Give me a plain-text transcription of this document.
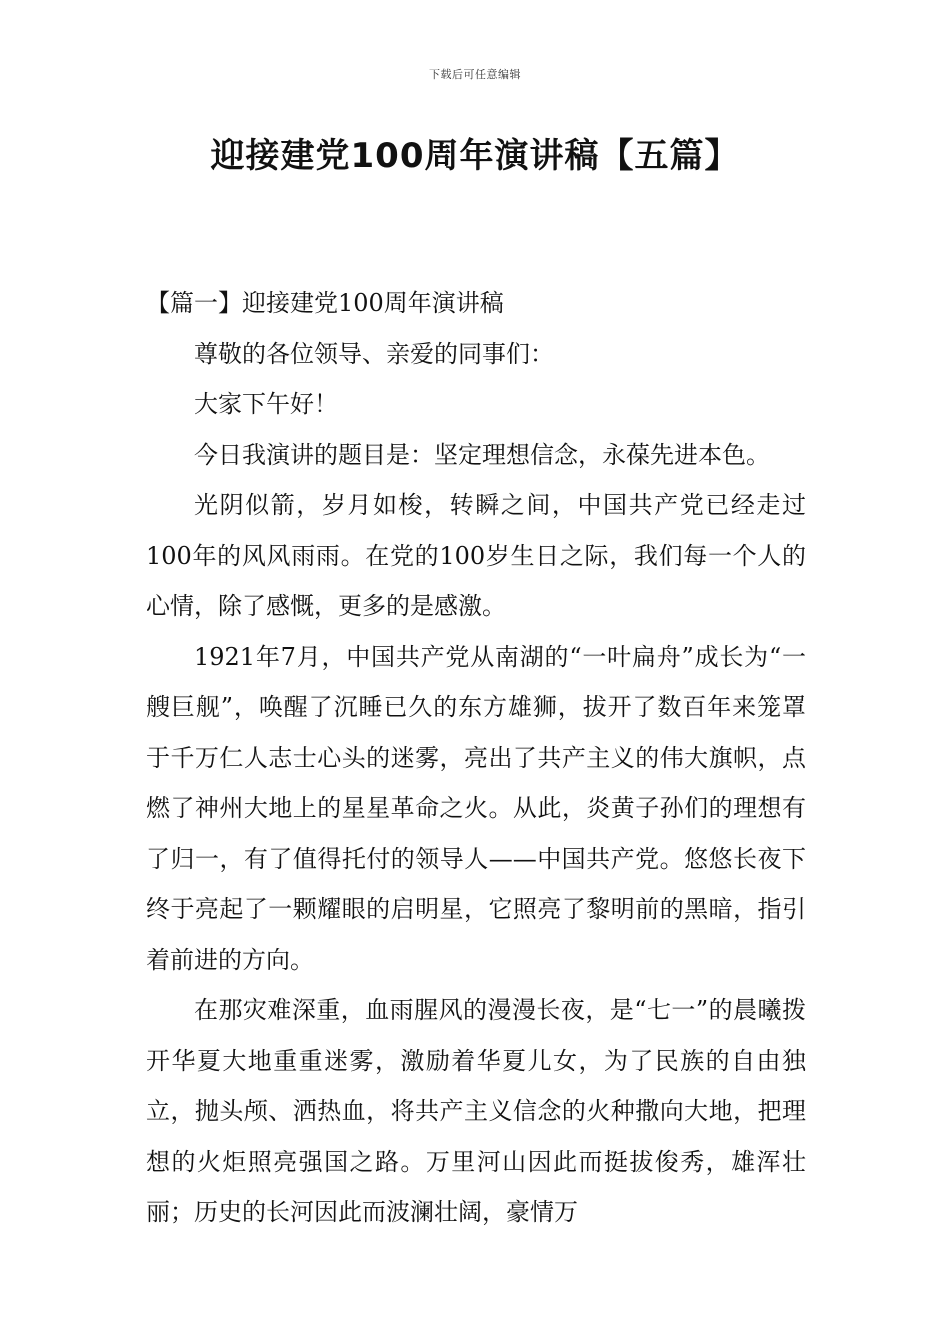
下载后可任意编辑
迎接建党100周年演讲稿【五篇】

【篇一】迎接建党100周年演讲稿

尊敬的各位领导、亲爱的同事们：

大家下午好！

今日我演讲的题目是：坚定理想信念，永葆先进本色。

光阴似箭，岁月如梭，转瞬之间，中国共产党已经走过100年的风风雨雨。在党的100岁生日之际，我们每一个人的心情，除了感慨，更多的是感激。

1921年7月，中国共产党从南湖的“一叶扁舟”成长为“一艘巨舰”，唤醒了沉睡已久的东方雄狮，拔开了数百年来笼罩于千万仁人志士心头的迷雾，亮出了共产主义的伟大旗帜，点燃了神州大地上的星星革命之火。从此，炎黄子孙们的理想有了归一，有了值得托付的领导人——中国共产党。悠悠长夜下终于亮起了一颗耀眼的启明星，它照亮了黎明前的黑暗，指引着前进的方向。

在那灾难深重，血雨腥风的漫漫长夜，是“七一”的晨曦拨开华夏大地重重迷雾，激励着华夏儿女，为了民族的自由独立，抛头颅、洒热血，将共产主义信念的火种撒向大地，把理想的火炬照亮强国之路。万里河山因此而挺拔俊秀，雄浑壮丽；历史的长河因此而波澜壮阔，豪情万
